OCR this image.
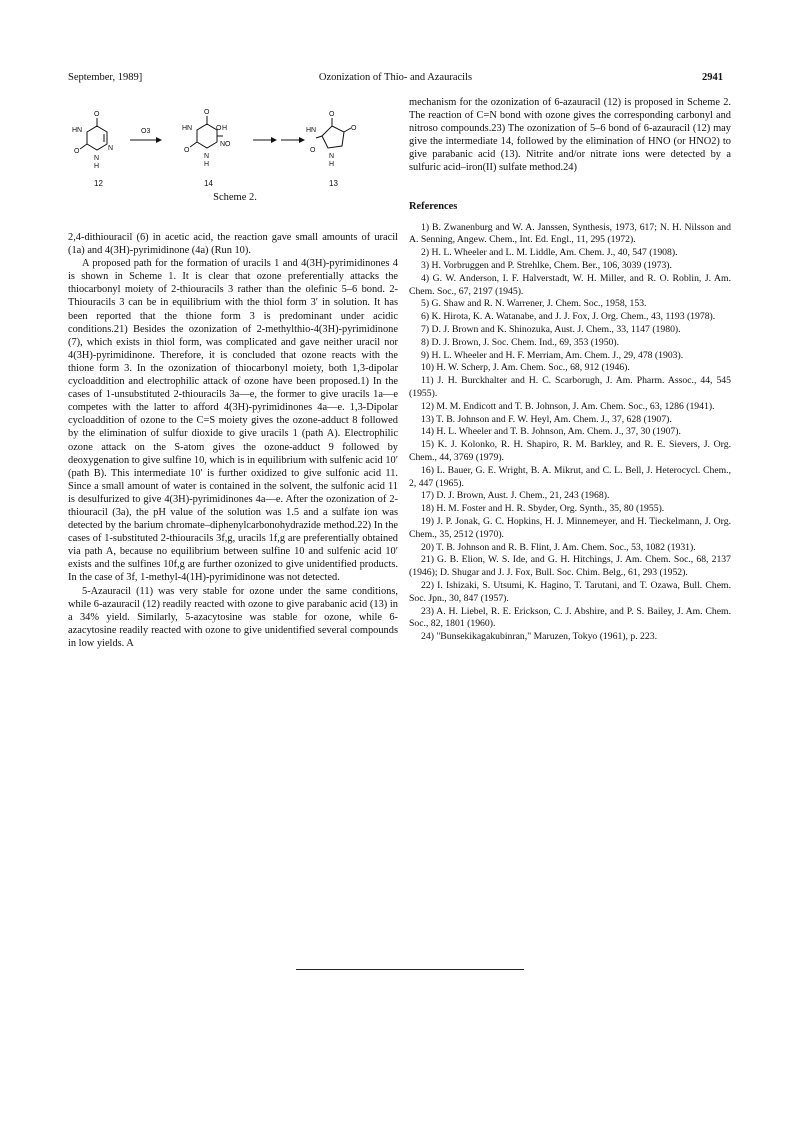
September, 1989]	Ozonization of Thio- and Azauracils	2941
O
O
HN
N
N
H
12
O3
O
O
HN	O H
NO
N
H
14
O
O
HN
O
N
H
13
Scheme 2.

2,4-dithiouracil (6) in acetic acid, the reaction gave small amounts of uracil (1a) and 4(3H)-pyrimidinone (4a) (Run 10).

A proposed path for the formation of uracils 1 and 4(3H)-pyrimidinones 4 is shown in Scheme 1. It is clear that ozone preferentially attacks the thiocarbonyl moiety of 2-thiouracils 3 rather than the olefinic 5–6 bond. 2-Thiouracils 3 can be in equilibrium with the thiol form 3′ in solution. It has been reported that the thione form 3 is predominant under acidic conditions.21) Besides the ozonization of 2-methylthio-4(3H)-pyrimidinone (7), which exists in thiol form, was complicated and gave neither uracil nor 4(3H)-pyrimidinone. Therefore, it is concluded that ozone reacts with the thione form 3. In the ozonization of thiocarbonyl moiety, both 1,3-dipolar cycloaddition and electrophilic attack of ozone have been proposed.1) In the cases of 1-unsubstituted 2-thiouracils 3a—e, the former to give uracils 1a—e competes with the latter to afford 4(3H)-pyrimidinones 4a—e. 1,3-Dipolar cycloaddition of ozone to the C=S moiety gives the ozone-adduct 8 followed by the elimination of sulfur dioxide to give uracils 1 (path A). Electrophilic ozone attack on the S-atom gives the ozone-adduct 9 followed by deoxygenation to give sulfine 10, which is in equilibrium with sulfenic acid 10′ (path B). This intermediate 10′ is further oxidized to give sulfonic acid 11. Since a small amount of water is contained in the solvent, the sulfonic acid 11 is desulfurized to give 4(3H)-pyrimidinones 4a—e. After the ozonization of 2-thiouracil (3a), the pH value of the solution was 1.5 and a sulfate ion was detected by the barium chromate–diphenylcarbonohydrazide method.22) In the cases of 1-substituted 2-thiouracils 3f,g, uracils 1f,g are preferentially obtained via path A, because no equilibrium between sulfine 10 and sulfenic acid 10′ exists and the sulfines 10f,g are further ozonized to give unidentified products. In the case of 3f, 1-methyl-4(1H)-pyrimidinone was not detected.

5-Azauracil (11) was very stable for ozone under the same conditions, while 6-azauracil (12) readily reacted with ozone to give parabanic acid (13) in a 34% yield. Similarly, 5-azacytosine was stable for ozone, while 6-azacytosine readily reacted with ozone to give unidentified several compounds in low yields. A

mechanism for the ozonization of 6-azauracil (12) is proposed in Scheme 2. The reaction of C=N bond with ozone gives the corresponding carbonyl and nitroso compounds.23) The ozonization of 5–6 bond of 6-azauracil (12) may give the intermediate 14, followed by the elimination of HNO (or HNO2) to give parabanic acid (13). Nitrite and/or nitrate ions were detected by a sulfuric acid–iron(II) sulfate method.24)

References
1) B. Zwanenburg and W. A. Janssen, Synthesis, 1973, 617; N. H. Nilsson and A. Senning, Angew. Chem., Int. Ed. Engl., 11, 295 (1972).
2) H. L. Wheeler and L. M. Liddle, Am. Chem. J., 40, 547 (1908).
3) H. Vorbruggen and P. Strehlke, Chem. Ber., 106, 3039 (1973).
4) G. W. Anderson, I. F. Halverstadt, W. H. Miller, and R. O. Roblin, J. Am. Chem. Soc., 67, 2197 (1945).
5) G. Shaw and R. N. Warrener, J. Chem. Soc., 1958, 153.
6) K. Hirota, K. A. Watanabe, and J. J. Fox, J. Org. Chem., 43, 1193 (1978).
7) D. J. Brown and K. Shinozuka, Aust. J. Chem., 33, 1147 (1980).
8) D. J. Brown, J. Soc. Chem. Ind., 69, 353 (1950).
9) H. L. Wheeler and H. F. Merriam, Am. Chem. J., 29, 478 (1903).
10) H. W. Scherp, J. Am. Chem. Soc., 68, 912 (1946).
11) J. H. Burckhalter and H. C. Scarborugh, J. Am. Pharm. Assoc., 44, 545 (1955).
12) M. M. Endicott and T. B. Johnson, J. Am. Chem. Soc., 63, 1286 (1941).
13) T. B. Johnson and F. W. Heyl, Am. Chem. J., 37, 628 (1907).
14) H. L. Wheeler and T. B. Johnson, Am. Chem. J., 37, 30 (1907).
15) K. J. Kolonko, R. H. Shapiro, R. M. Barkley, and R. E. Sievers, J. Org. Chem., 44, 3769 (1979).
16) L. Bauer, G. E. Wright, B. A. Mikrut, and C. L. Bell, J. Heterocycl. Chem., 2, 447 (1965).
17) D. J. Brown, Aust. J. Chem., 21, 243 (1968).
18) H. M. Foster and H. R. Sbyder, Org. Synth., 35, 80 (1955).
19) J. P. Jonak, G. C. Hopkins, H. J. Minnemeyer, and H. Tieckelmann, J. Org. Chem., 35, 2512 (1970).
20) T. B. Johnson and R. B. Flint, J. Am. Chem. Soc., 53, 1082 (1931).
21) G. B. Elion, W. S. Ide, and G. H. Hitchings, J. Am. Chem. Soc., 68, 2137 (1946); D. Shugar and J. J. Fox, Bull. Soc. Chim. Belg., 61, 293 (1952).
22) I. Ishizaki, S. Utsumi, K. Hagino, T. Tarutani, and T. Ozawa, Bull. Chem. Soc. Jpn., 30, 847 (1957).
23) A. H. Liebel, R. E. Erickson, C. J. Abshire, and P. S. Bailey, J. Am. Chem. Soc., 82, 1801 (1960).
24) "Bunsekikagakubinran," Maruzen, Tokyo (1961), p. 223.
